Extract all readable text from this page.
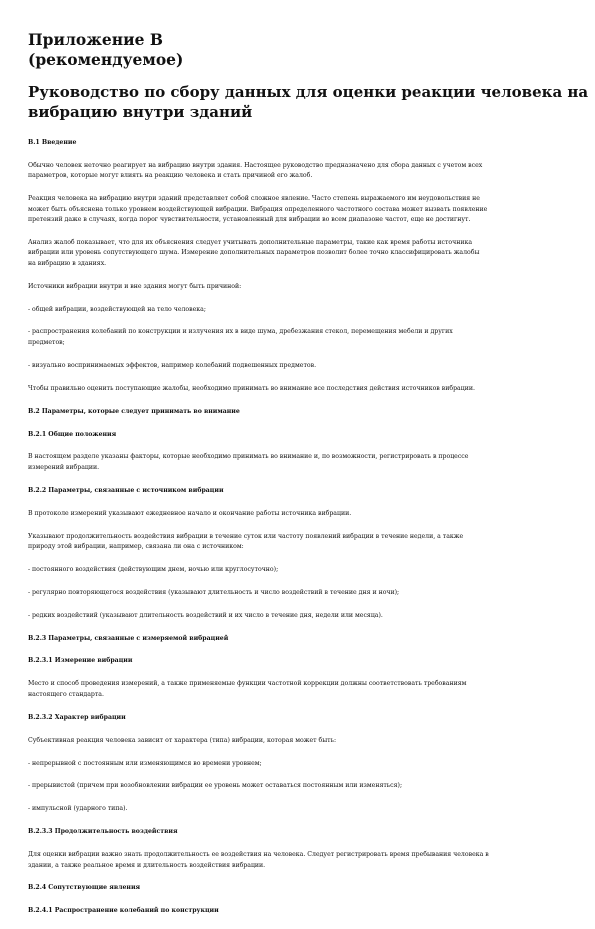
Приложение В
(рекомендуемое)
Руководство по сбору данных для оценки реакции человека на
вибрацию внутри зданий

В.1 Введение

Обычно человек неточно реагирует на вибрацию внутри здания. Настоящее руководство предназначено для сбора данных с учетом всех
параметров, которые могут влиять на реакцию человека и стать причиной его жалоб.

Реакция человека на вибрацию внутри зданий представляет собой сложное явление. Часто степень выражаемого им неудовольствия не
может быть объяснена только уровнем воздействующей вибрации. Вибрация определенного частотного состава может вызвать появление
претензий даже в случаях, когда порог чувствительности, установленный для вибрации во всем диапазоне частот, еще не достигнут.

Анализ жалоб показывает, что для их объяснения следует учитывать дополнительные параметры, такие как время работы источника
вибрации или уровень сопутствующего шума. Измерение дополнительных параметров позволит более точно классифицировать жалобы
на вибрацию в зданиях.

Источники вибрации внутри и вне здания могут быть причиной:

- общей вибрации, воздействующей на тело человека;

- распространения колебаний по конструкции и излучения их в виде шума, дребезжания стекол, перемещения мебели и других
предметов;

- визуально воспринимаемых эффектов, например колебаний подвешенных предметов.

Чтобы правильно оценить поступающие жалобы, необходимо принимать во внимание все последствия действия источников вибрации.

В.2 Параметры, которые следует принимать во внимание

В.2.1 Общие положения

В настоящем разделе указаны факторы, которые необходимо принимать во внимание и, по возможности, регистрировать в процессе
измерений вибрации.

В.2.2 Параметры, связанные с источником вибрации

В протоколе измерений указывают ежедневное начало и окончание работы источника вибрации.

Указывают продолжительность воздействия вибрации в течение суток или частоту появлений вибрации в течение недели, а также
природу этой вибрации, например, связана ли она с источником:

- постоянного воздействия (действующим днем, ночью или круглосуточно);

- регулярно повторяющегося воздействия (указывают длительность и число воздействий в течение дня и ночи);

- редких воздействий (указывают длительность воздействий и их число в течение дня, недели или месяца).

В.2.3 Параметры, связанные с измеряемой вибрацией

В.2.3.1 Измерение вибрации

Место и способ проведения измерений, а также применяемые функции частотной коррекции должны соответствовать требованиям
настоящего стандарта.

В.2.3.2 Характер вибрации

Субъективная реакция человека зависит от характера (типа) вибрации, которая может быть:

- непрерывной с постоянным или изменяющимся во времени уровнем;

- прерывистой (причем при возобновлении вибрации ее уровень может оставаться постоянным или изменяться);

- импульсной (ударного типа).

В.2.3.3 Продолжительность воздействия

Для оценки вибрации важно знать продолжительность ее воздействия на человека. Следует регистрировать время пребывания человека в
здании, а также реальное время и длительность воздействия вибрации.

В.2.4 Сопутствующие явления

В.2.4.1 Распространение колебаний по конструкции
